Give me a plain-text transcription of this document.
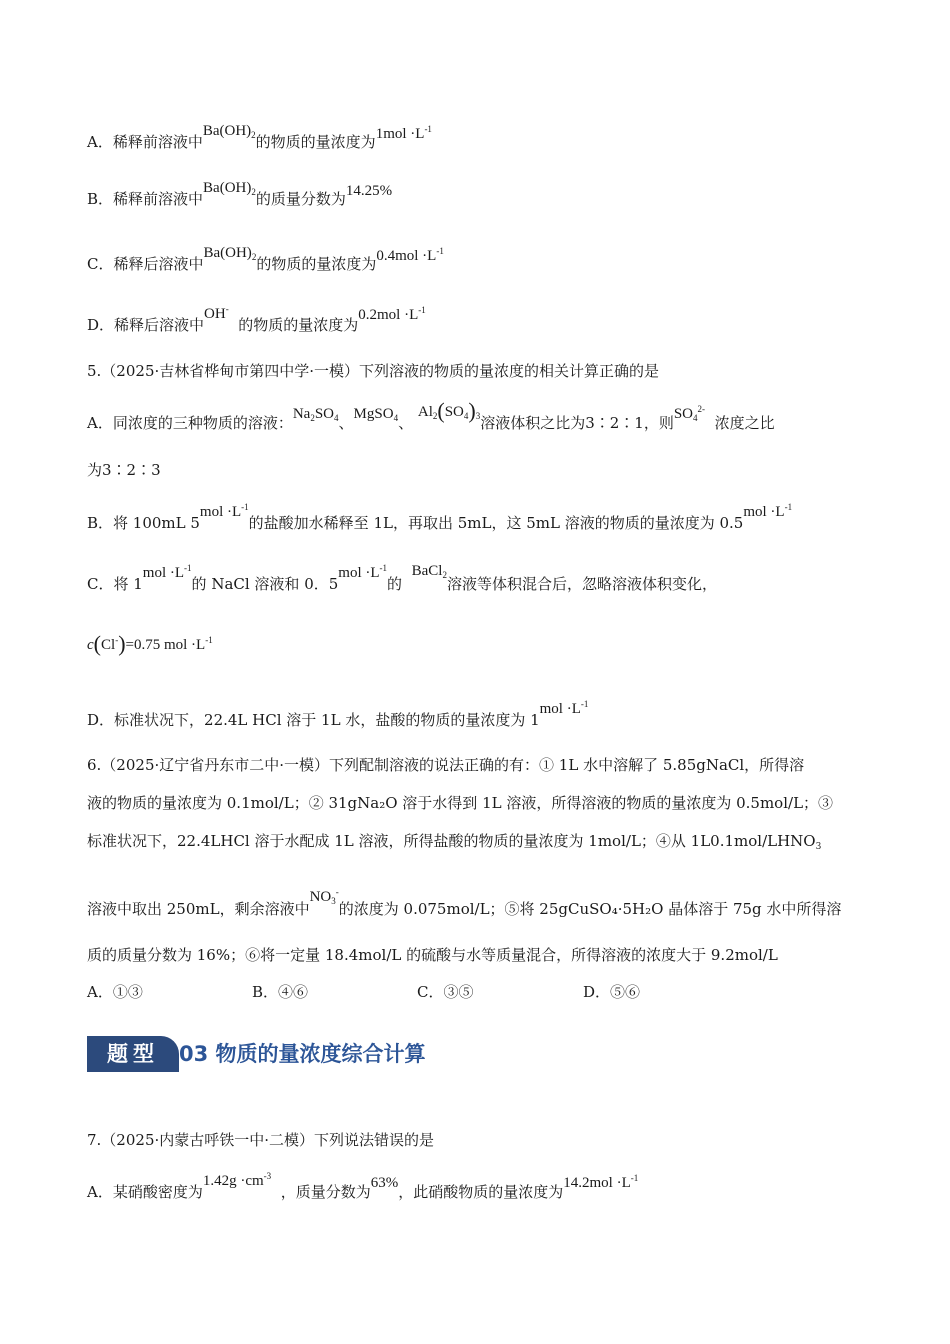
A．稀释前溶液中$Ba(OH)_2$的物质的量浓度为$1mol \cdot L^{-1}$
B．稀释前溶液中$Ba(OH)_2$的质量分数为14.25%
C．稀释后溶液中$Ba(OH)_2$的物质的量浓度为$0.4mol \cdot L^{-1}$
D．稀释后溶液中OH-  的物质的量浓度为$0.2mol \cdot L^{-1}$
5.（2025·吉林省桦甸市第四中学·一模）下列溶液的物质的量浓度的相关计算正确的是
A．同浓度的三种物质的溶液：$Na_2SO_4$、MgSO$_4$、 $Al_2(SO_4)_3$溶液体积之比为3∶2∶1，则$SO_4^{2-}$  浓度之比
为3∶2∶3
B．将 100mL $5mol \cdot L^{-1}$的盐酸加水稀释至 1L，再取出 5mL，这 5mL 溶液的物质的量浓度为 $0.5mol \cdot L^{-1}$
C．将 $1mol \cdot L^{-1}$的 NaCl 溶液和 0．$5mol \cdot L^{-1}$的  BaCl$_2$溶液等体积混合后，忽略溶液体积变化，
c(Cl-)=0.75 mol $\cdot L^{-1}$
D．标准状况下，22.4L HCl 溶于 1L 水，盐酸的物质的量浓度为 $1mol \cdot L^{-1}$
6.（2025·辽宁省丹东市二中·一模）下列配制溶液的说法正确的有：① 1L 水中溶解了 5.85gNaCl，所得溶
液的物质的量浓度为 0.1mol/L；② 31gNa₂O 溶于水得到 1L 溶液，所得溶液的物质的量浓度为 0.5mol/L；③
标准状况下，22.4LHCl 溶于水配成 1L 溶液，所得盐酸的物质的量浓度为 1mol/L；④从 $1L0.1mol/LHNO_3$
溶液中取出 250mL，剩余溶液中$NO_3^-$的浓度为 0.075mol/L；⑤将 25gCuSO₄·5H₂O 晶体溶于 75g 水中所得溶
质的质量分数为 16%；⑥将一定量 18.4mol/L 的硫酸与水等质量混合，所得溶液的浓度大于 9.2mol/L
A．①③	B．④⑥	C．③⑤	D．⑤⑥
题型 03 物质的量浓度综合计算
7.（2025·内蒙古呼铁一中·二模）下列说法错误的是
A．某硝酸密度为$1.42g \cdot cm^{-3}$  ，质量分数为63%，此硝酸物质的量浓度为$14.2mol \cdot L^{-1}$
